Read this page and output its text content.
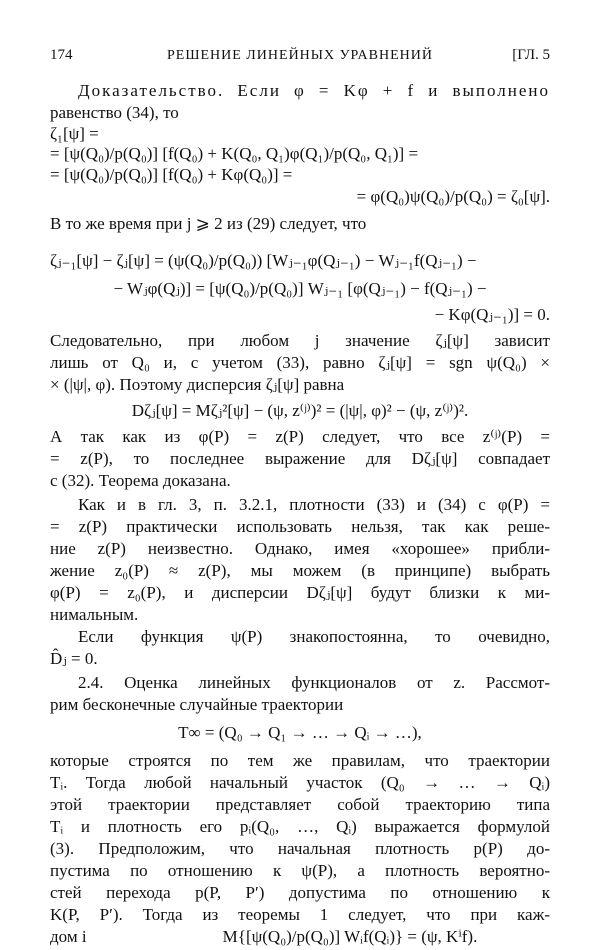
174	РЕШЕНИЕ ЛИНЕЙНЫХ УРАВНЕНИЙ	[ГЛ. 5
Доказательство. Если φ = Kφ + f и выполнено
равенство (34), то
ζ₁[ψ] =
= [ψ(Q₀)/p(Q₀)] [f(Q₀) + K(Q₀, Q₁)φ(Q₁)/p(Q₀, Q₁)] =
= [ψ(Q₀)/p(Q₀)] [f(Q₀) + Kφ(Q₀)] =
= φ(Q₀)ψ(Q₀)/p(Q₀) = ζ₀[ψ].
В то же время при j ⩾ 2 из (29) следует, что
ζⱼ₋₁[ψ] − ζⱼ[ψ] = (ψ(Q₀)/p(Q₀)) [Wⱼ₋₁φ(Qⱼ₋₁) − Wⱼ₋₁f(Qⱼ₋₁) −
− Wⱼφ(Qⱼ)] = [ψ(Q₀)/p(Q₀)] Wⱼ₋₁ [φ(Qⱼ₋₁) − f(Qⱼ₋₁) −
− Kφ(Qⱼ₋₁)] = 0.
Следовательно, при любом j значение ζⱼ[ψ] зависит
лишь от Q₀ и, с учетом (33), равно ζⱼ[ψ] = sgn ψ(Q₀) ×
× (|ψ|, φ). Поэтому дисперсия ζⱼ[ψ] равна
Dζⱼ[ψ] = Mζⱼ²[ψ] − (ψ, z⁽ʲ⁾)² = (|ψ|, φ)² − (ψ, z⁽ʲ⁾)².
А так как из φ(P) = z(P) следует, что все z⁽ʲ⁾(P) =
= z(P), то последнее выражение для Dζⱼ[ψ] совпадает
с (32). Теорема доказана.
Как и в гл. 3, п. 3.2.1, плотности (33) и (34) с φ(P) =
= z(P) практически использовать нельзя, так как реше-
ние z(P) неизвестно. Однако, имея «хорошее» прибли-
жение z₀(P) ≈ z(P), мы можем (в принципе) выбрать
φ(P) = z₀(P), и дисперсии Dζⱼ[ψ] будут близки к ми-
нимальным.
Если функция ψ(P) знакопостоянна, то очевидно,
D̂ⱼ = 0.
2.4. Оценка линейных функционалов от z. Рассмот-
рим бесконечные случайные траектории
T∞ = (Q₀ → Q₁ → … → Qᵢ → …),
которые строятся по тем же правилам, что траектории
Tᵢ. Тогда любой начальный участок (Q₀ → … → Qᵢ)
этой траектории представляет собой траекторию типа
Tᵢ и плотность его pᵢ(Q₀, …, Qᵢ) выражается формулой
(3). Предположим, что начальная плотность p(P) до-
пустима по отношению к ψ(P), а плотность вероятно-
стей перехода p(P, P′) допустима по отношению к
K(P, P′). Тогда из теоремы 1 следует, что при каж-
дом i	M{[ψ(Q₀)/p(Q₀)] Wᵢf(Qᵢ)} = (ψ, Kⁱf).
